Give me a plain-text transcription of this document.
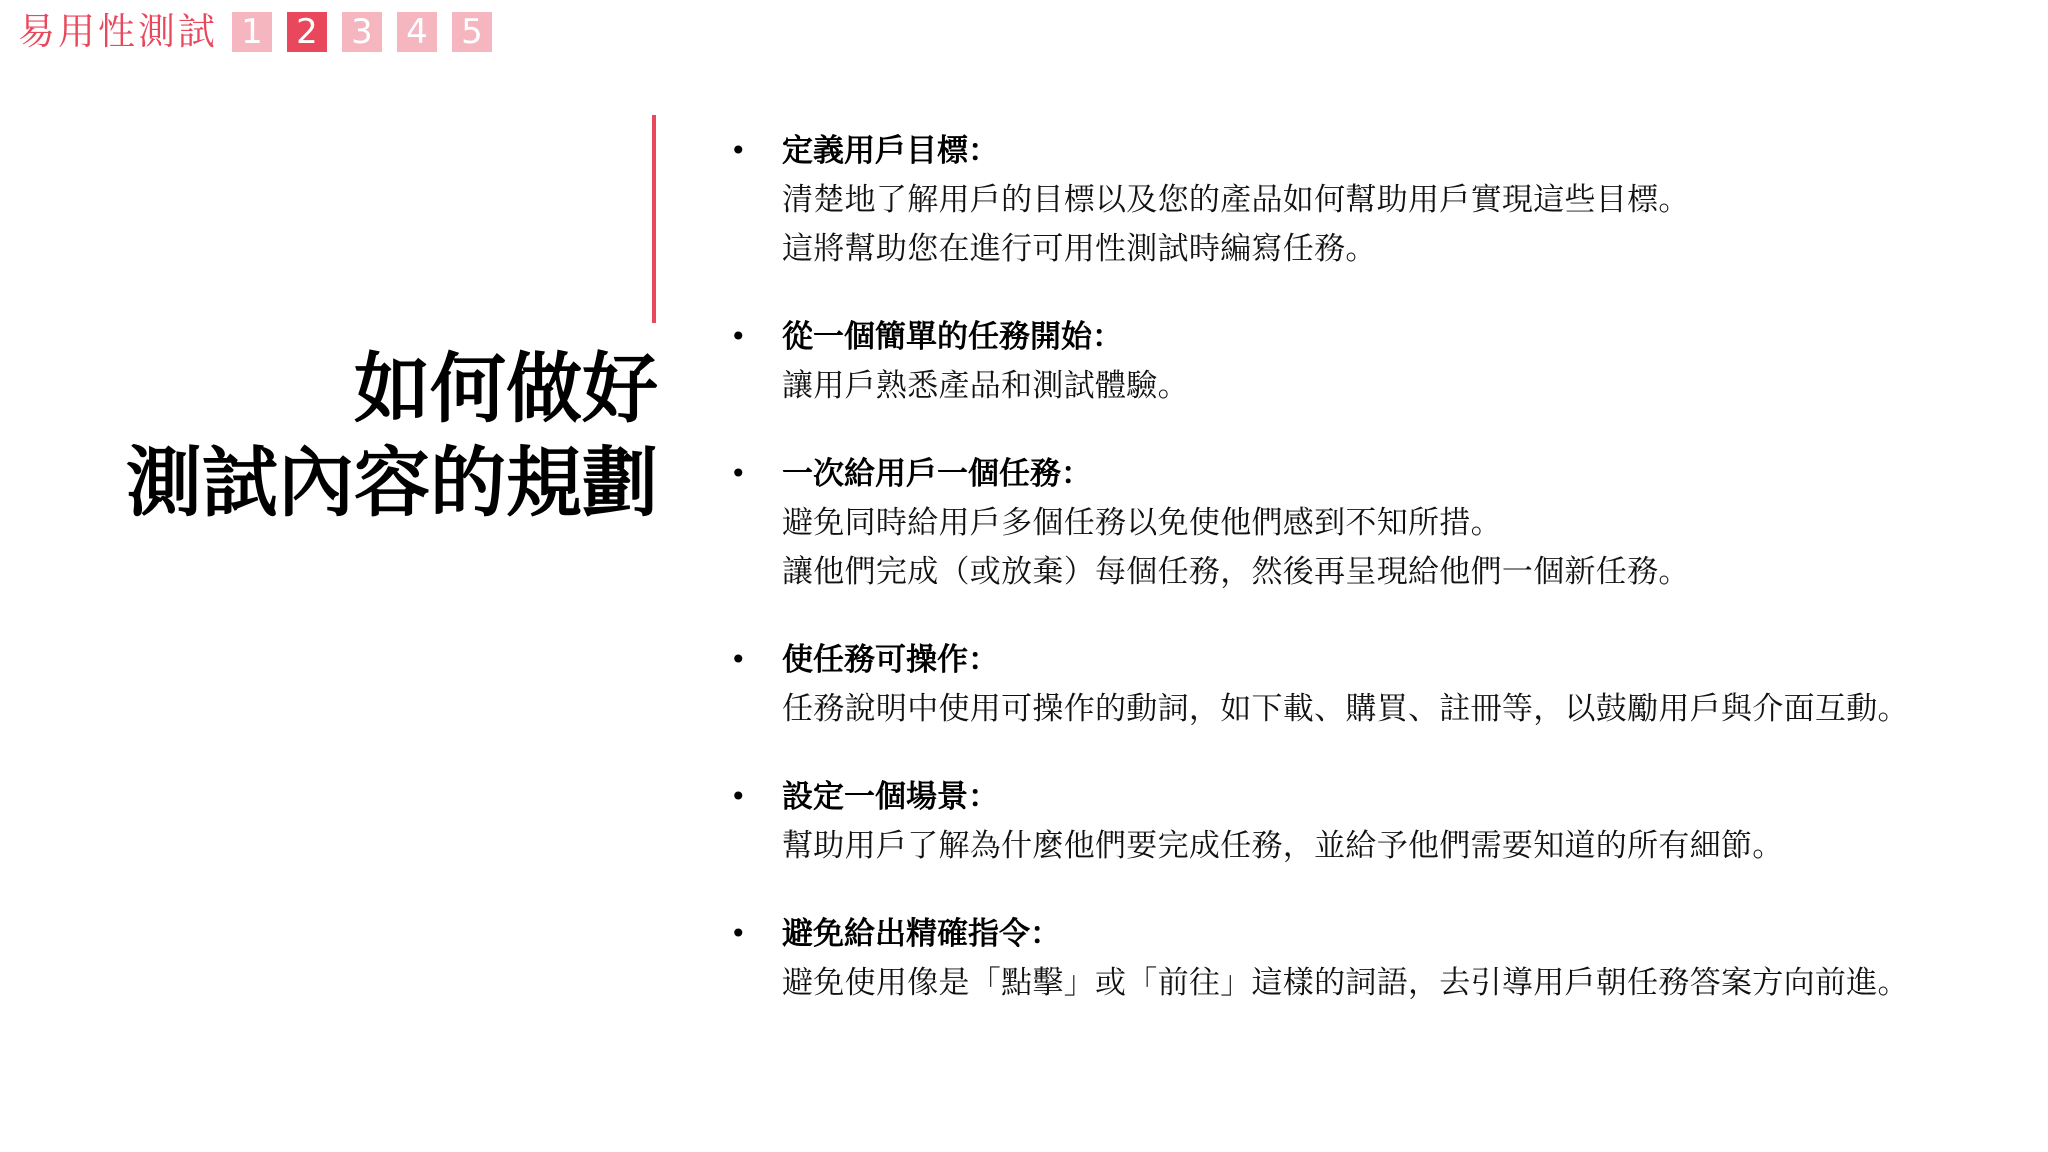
易用性測試 1 2 3 4 5
如何做好
測試內容的規劃
• 定義用戶目標：
清楚地了解用戶的目標以及您的產品如何幫助用戶實現這些目標。
這將幫助您在進行可用性測試時編寫任務。
• 從一個簡單的任務開始：
讓用戶熟悉產品和測試體驗。
• 一次給用戶一個任務：
避免同時給用戶多個任務以免使他們感到不知所措。
讓他們完成（或放棄）每個任務，然後再呈現給他們一個新任務。
• 使任務可操作：
任務說明中使用可操作的動詞，如下載、購買、註冊等，以鼓勵用戶與介面互動。
• 設定一個場景：
幫助用戶了解為什麼他們要完成任務，並給予他們需要知道的所有細節。
• 避免給出精確指令：
避免使用像是「點擊」或「前往」這樣的詞語，去引導用戶朝任務答案方向前進。
